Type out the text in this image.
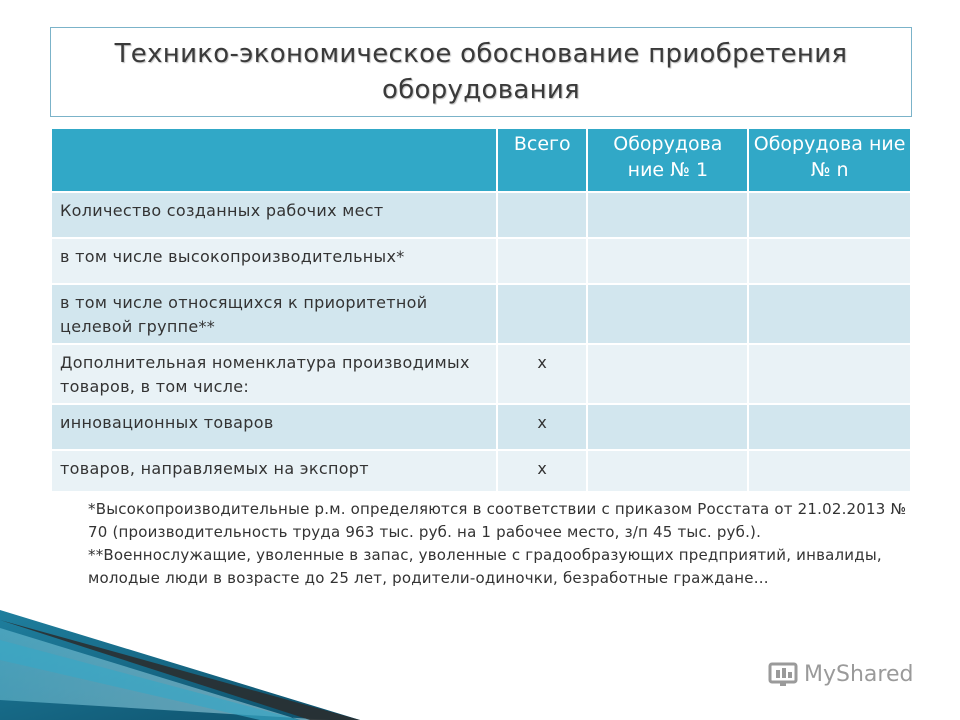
Технико-экономическое обоснование приобретения
оборудования
	Всего	Оборудова ние № 1	Оборудова ние № n
Количество созданных рабочих мест			
в том числе высокопроизводительных*			
в том числе относящихся к приоритетной целевой группе**			
Дополнительная номенклатура производимых товаров, в том числе:	x		
инновационных товаров	x		
товаров, направляемых на экспорт	x		

*Высокопроизводительные р.м. определяются в соответствии с приказом Росстата от 21.02.2013 № 70 (производительность труда 963 тыс. руб. на 1 рабочее место, з/п 45 тыс. руб.).

**Военнослужащие, уволенные в запас, уволенные с градообразующих предприятий, инвалиды, молодые люди в возрасте до 25 лет, родители-одиночки, безработные граждане…

MyShared
